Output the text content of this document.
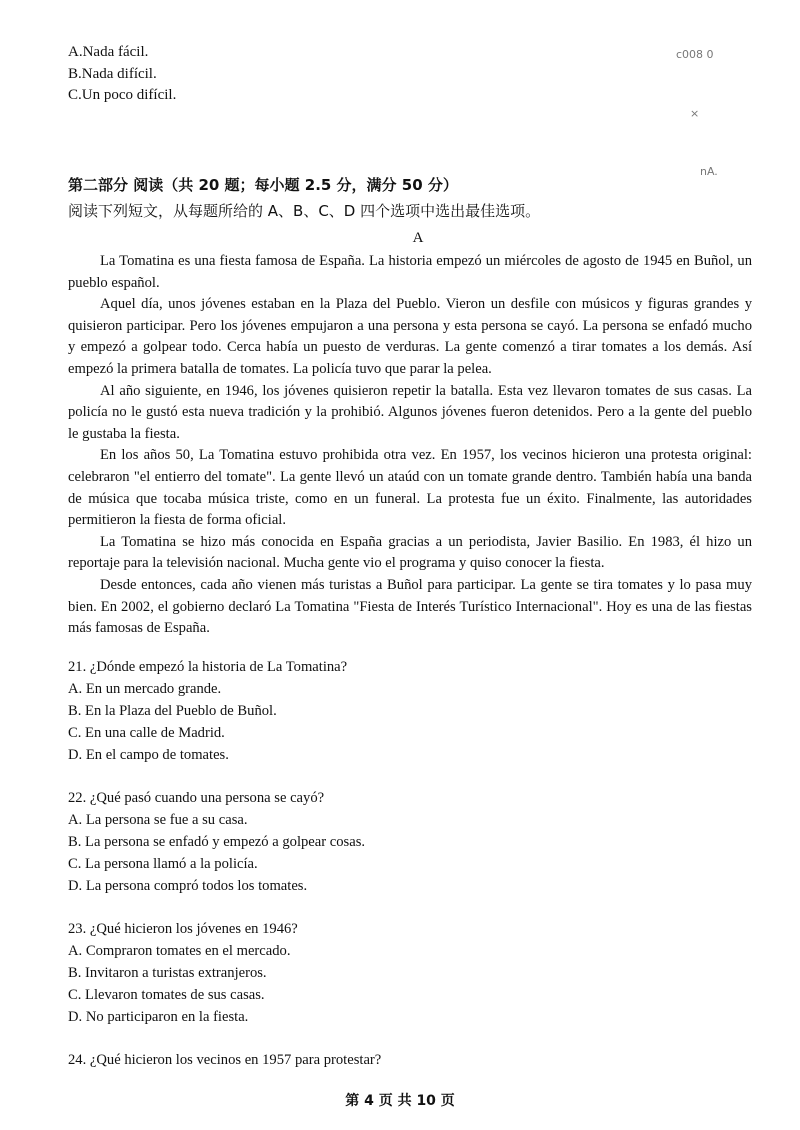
A.Nada fácil.
B.Nada difícil.
C.Un poco difícil.
c008 0
×
nA.
第二部分 阅读（共 20 题；每小题 2.5 分，满分 50 分）
阅读下列短文，从每题所给的 A、B、C、D 四个选项中选出最佳选项。
A

La Tomatina es una fiesta famosa de España. La historia empezó un miércoles de agosto de 1945 en Buñol, un pueblo español.

Aquel día, unos jóvenes estaban en la Plaza del Pueblo. Vieron un desfile con músicos y figuras grandes y quisieron participar. Pero los jóvenes empujaron a una persona y esta persona se cayó. La persona se enfadó mucho y empezó a golpear todo. Cerca había un puesto de verduras. La gente comenzó a tirar tomates a los demás. Así empezó la primera batalla de tomates. La policía tuvo que parar la pelea.

Al año siguiente, en 1946, los jóvenes quisieron repetir la batalla. Esta vez llevaron tomates de sus casas. La policía no le gustó esta nueva tradición y la prohibió. Algunos jóvenes fueron detenidos. Pero a la gente del pueblo le gustaba la fiesta.

En los años 50, La Tomatina estuvo prohibida otra vez. En 1957, los vecinos hicieron una protesta original: celebraron "el entierro del tomate". La gente llevó un ataúd con un tomate grande dentro. También había una banda de música que tocaba música triste, como en un funeral. La protesta fue un éxito. Finalmente, las autoridades permitieron la fiesta de forma oficial.

La Tomatina se hizo más conocida en España gracias a un periodista, Javier Basilio. En 1983, él hizo un reportaje para la televisión nacional. Mucha gente vio el programa y quiso conocer la fiesta.

Desde entonces, cada año vienen más turistas a Buñol para participar. La gente se tira tomates y lo pasa muy bien. En 2002, el gobierno declaró La Tomatina "Fiesta de Interés Turístico Internacional". Hoy es una de las fiestas más famosas de España.

21. ¿Dónde empezó la historia de La Tomatina?
A. En un mercado grande.
B. En la Plaza del Pueblo de Buñol.
C. En una calle de Madrid.
D. En el campo de tomates.
22. ¿Qué pasó cuando una persona se cayó?
A. La persona se fue a su casa.
B. La persona se enfadó y empezó a golpear cosas.
C. La persona llamó a la policía.
D. La persona compró todos los tomates.
23. ¿Qué hicieron los jóvenes en 1946?
A. Compraron tomates en el mercado.
B. Invitaron a turistas extranjeros.
C. Llevaron tomates de sus casas.
D. No participaron en la fiesta.
24. ¿Qué hicieron los vecinos en 1957 para protestar?
第 4 页 共 10 页
